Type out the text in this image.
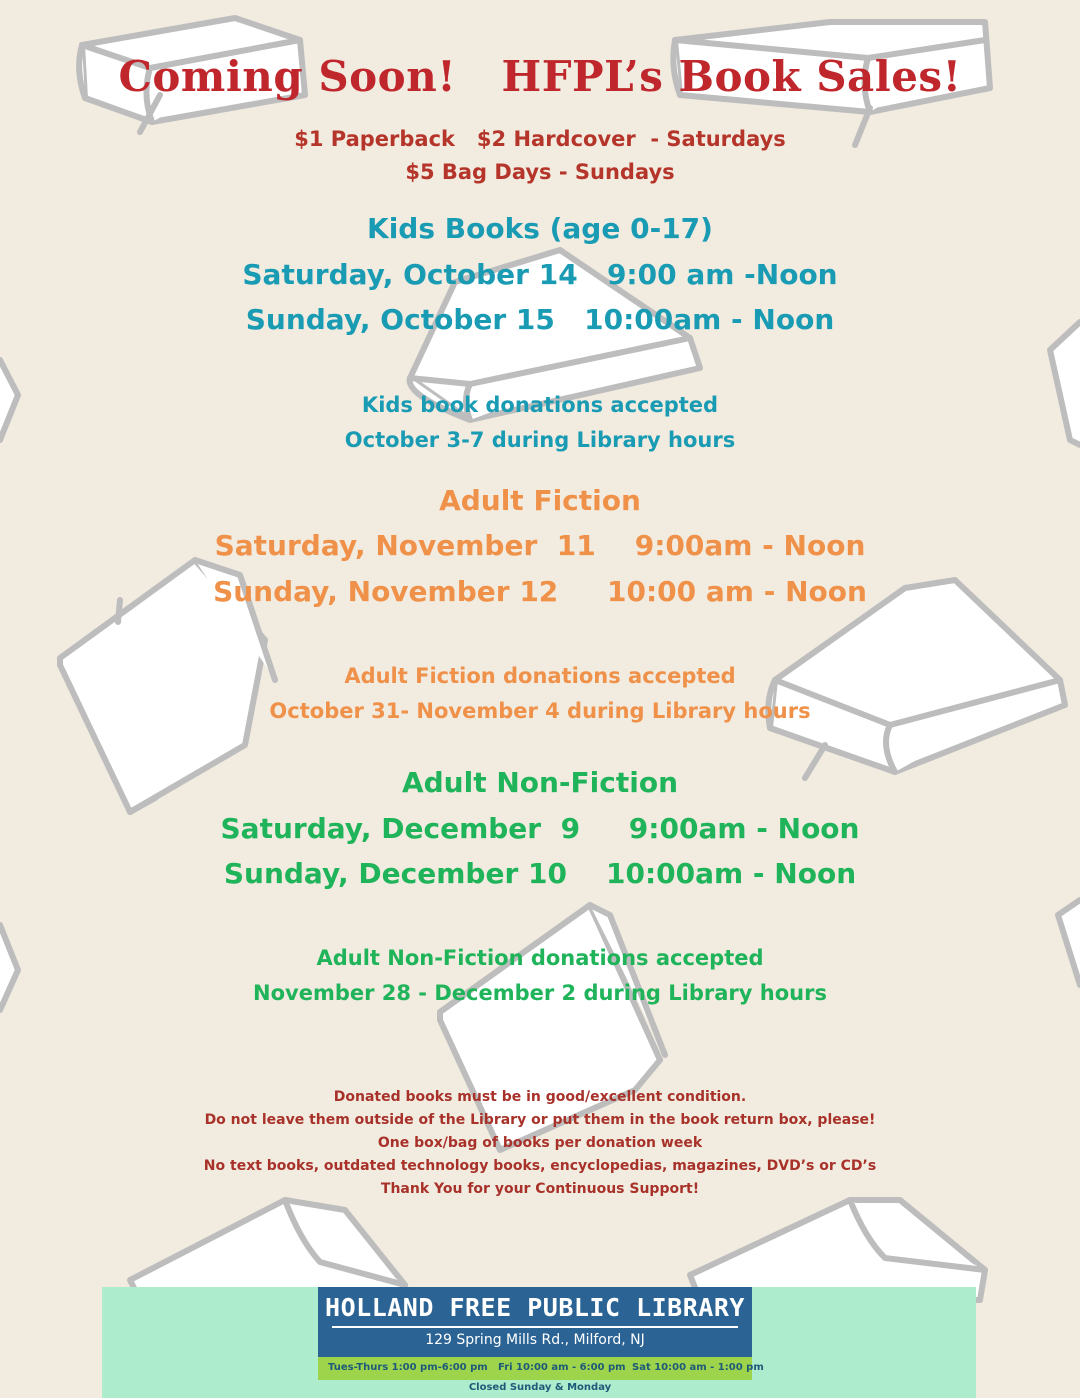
Coming Soon!   HFPL’s Book Sales!
$1 Paperback   $2 Hardcover  - Saturdays
$5 Bag Days - Sundays
Kids Books (age 0-17)
Saturday, October 14   9:00 am -Noon
Sunday, October 15   10:00am - Noon
Kids book donations accepted
October 3-7 during Library hours
Adult Fiction
Saturday, November  11    9:00am - Noon
Sunday, November 12     10:00 am - Noon
Adult Fiction donations accepted
October 31- November 4 during Library hours
Adult Non-Fiction
Saturday, December  9     9:00am - Noon
Sunday, December 10    10:00am - Noon
Adult Non-Fiction donations accepted
November 28 - December 2 during Library hours
Donated books must be in good/excellent condition.
Do not leave them outside of the Library or put them in the book return box, please!
One box/bag of books per donation week
No text books, outdated technology books, encyclopedias, magazines, DVD’s or CD’s
Thank You for your Continuous Support!
HOLLAND FREE PUBLIC LIBRARY
129 Spring Mills Rd., Milford, NJ
Tues-Thurs 1:00 pm-6:00 pm Fri 10:00 am - 6:00 pm Sat 10:00 am - 1:00 pm
Closed Sunday & Monday
